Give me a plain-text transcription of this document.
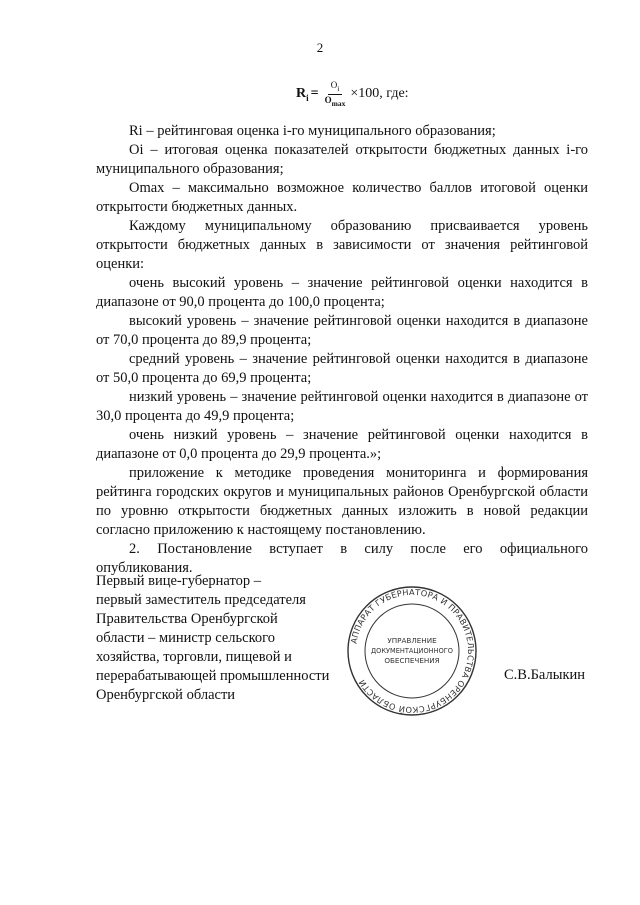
2
$R_i = \frac{O_i}{O_{max}} \times 100$, где:

Ri – рейтинговая оценка i-го муниципального образования;

Oi – итоговая оценка показателей открытости бюджетных данных i-го муниципального образования;

Omax – максимально возможное количество баллов итоговой оценки открытости бюджетных данных.

Каждому муниципальному образованию присваивается уровень открытости бюджетных данных в зависимости от значения рейтинговой оценки:

очень высокий уровень – значение рейтинговой оценки находится в диапазоне от 90,0 процента до 100,0 процента;

высокий уровень – значение рейтинговой оценки находится в диапазоне от 70,0 процента до 89,9 процента;

средний уровень – значение рейтинговой оценки находится в диапазоне от 50,0 процента до 69,9 процента;

низкий уровень – значение рейтинговой оценки находится в диапазоне от 30,0 процента до 49,9 процента;

очень низкий уровень – значение рейтинговой оценки находится в диапазоне от 0,0 процента до 29,9 процента.»;

приложение к методике проведения мониторинга и формирования рейтинга городских округов и муниципальных районов Оренбургской области по уровню открытости бюджетных данных изложить в новой редакции согласно приложению к настоящему постановлению.

2. Постановление вступает в силу после его официального опубликования.

Первый вице-губернатор –
первый заместитель председателя
Правительства Оренбургской
области – министр сельского
хозяйства, торговли, пищевой и
перерабатывающей промышленности
Оренбургской области
АППАРАТ ГУБЕРНАТОРА И ПРАВИТЕЛЬСТВА ОРЕНБУРГСКОЙ ОБЛАСТИ
УПРАВЛЕНИЕ
ДОКУМЕНТАЦИОННОГО
ОБЕСПЕЧЕНИЯ
С.В.Балыкин
